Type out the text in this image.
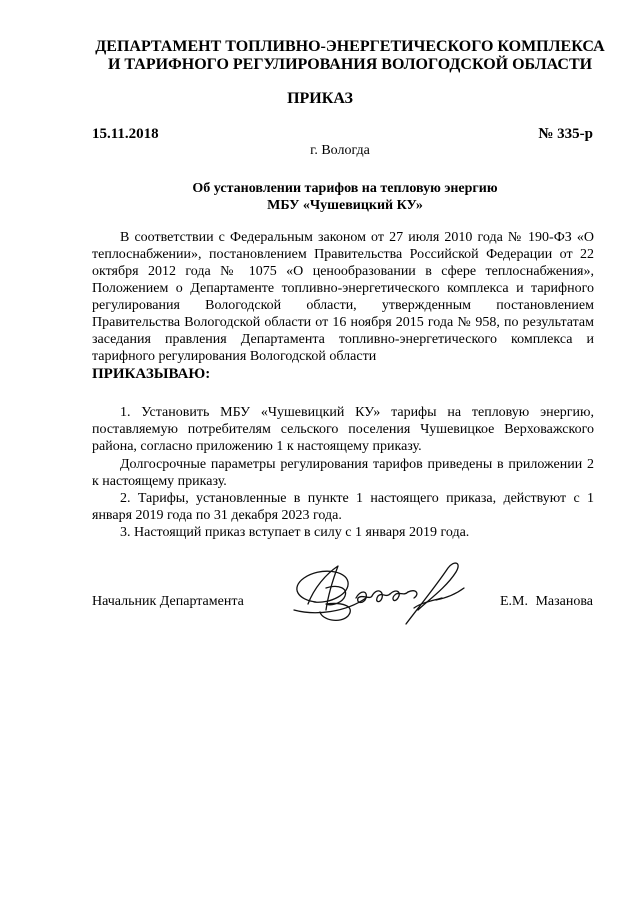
ДЕПАРТАМЕНТ ТОПЛИВНО-ЭНЕРГЕТИЧЕСКОГО КОМПЛЕКСА
И ТАРИФНОГО РЕГУЛИРОВАНИЯ ВОЛОГОДСКОЙ ОБЛАСТИ
ПРИКАЗ
15.11.2018	№ 335-р
г. Вологда
Об установлении тарифов на тепловую энергию
МБУ «Чушевицкий КУ»
В соответствии с Федеральным законом от 27 июля 2010 года № 190-ФЗ «О теплоснабжении», постановлением Правительства Российской Федерации от 22 октября 2012 года № 1075 «О ценообразовании в сфере теплоснабжения», Положением о Департаменте топливно-энергетического комплекса и тарифного регулирования Вологодской области, утвержденным постановлением Правительства Вологодской области от 16 ноября 2015 года № 958, по результатам заседания правления Департамента топливно-энергетического комплекса и тарифного регулирования Вологодской области
ПРИКАЗЫВАЮ:
1. Установить МБУ «Чушевицкий КУ» тарифы на тепловую энергию, поставляемую потребителям сельского поселения Чушевицкое Верховажского района, согласно приложению 1 к настоящему приказу.
Долгосрочные параметры регулирования тарифов приведены в приложении 2 к настоящему приказу.
2. Тарифы, установленные в пункте 1 настоящего приказа, действуют с 1 января 2019 года по 31 декабря 2023 года.
3. Настоящий приказ вступает в силу с 1 января 2019 года.
Начальник Департамента	Е.М. Мазанова
